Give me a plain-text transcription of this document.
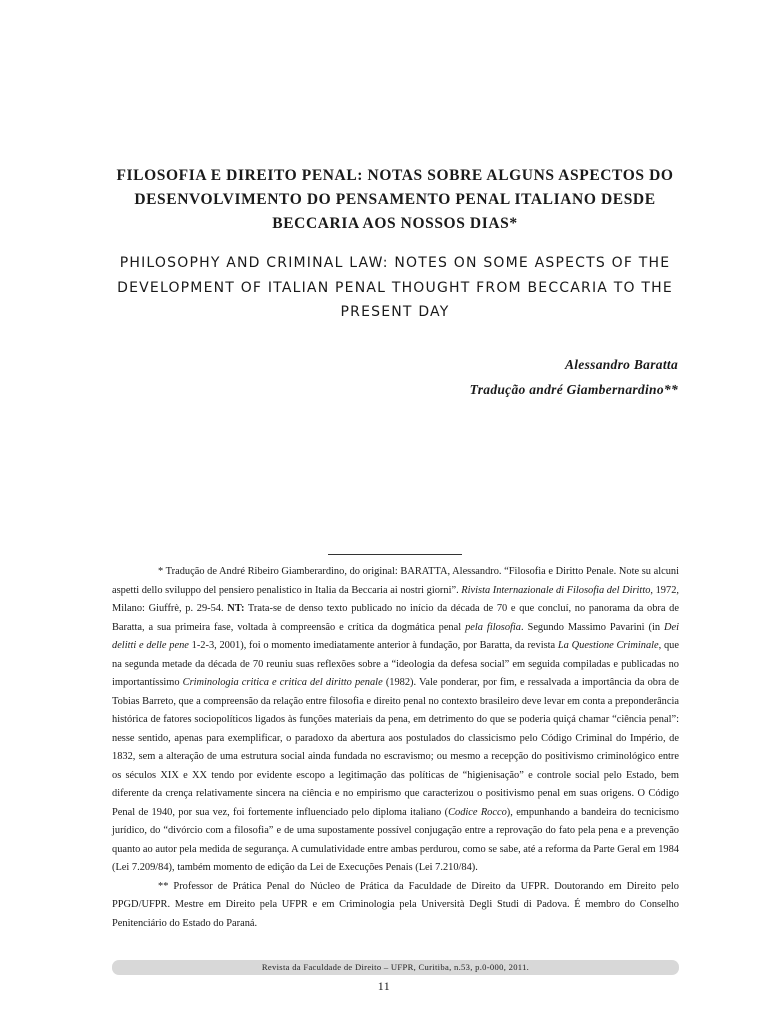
FILOSOFIA E DIREITO PENAL: NOTAS SOBRE ALGUNS ASPECTOS DO DESENVOLVIMENTO DO PENSAMENTO PENAL ITALIANO DESDE BECCARIA AOS NOSSOS DIAS*
PHILOSOPHY AND CRIMINAL LAW: NOTES ON SOME ASPECTS OF THE DEVELOPMENT OF ITALIAN PENAL THOUGHT FROM BECCARIA TO THE PRESENT DAY
Alessandro Baratta
Tradução andré Giambernardino**

* Tradução de André Ribeiro Giamberardino, do original: BARATTA, Alessandro. “Filosofia e Diritto Penale. Note su alcuni aspetti dello sviluppo del pensiero penalistico in Italia da Beccaria ai nostri giorni”. Rivista Internazionale di Filosofia del Diritto, 1972, Milano: Giuffrè, p. 29-54. NT: Trata-se de denso texto publicado no início da década de 70 e que concluí, no panorama da obra de Baratta, a sua primeira fase, voltada à compreensão e crítica da dogmática penal pela filosofia. Segundo Massimo Pavarini (in Dei delitti e delle pene 1-2-3, 2001), foi o momento imediatamente anterior à fundação, por Baratta, da revista La Questione Criminale, que na segunda metade da década de 70 reuniu suas reflexões sobre a “ideologia da defesa social” em seguida compiladas e publicadas no importantíssimo Criminologia critica e critica del diritto penale (1982). Vale ponderar, por fim, e ressalvada a importância da obra de Tobias Barreto, que a compreensão da relação entre filosofia e direito penal no contexto brasileiro deve levar em conta a preponderância histórica de fatores sociopolíticos ligados às funções materiais da pena, em detrimento do que se poderia quiçá chamar “ciência penal”: nesse sentido, apenas para exemplificar, o paradoxo da abertura aos postulados do classicismo pelo Código Criminal do Império, de 1832, sem a alteração de uma estrutura social ainda fundada no escravismo; ou mesmo a recepção do positivismo criminológico entre os séculos XIX e XX tendo por evidente escopo a legitimação das políticas de “higienisação” e controle social pelo Estado, bem diferente da crença relativamente sincera na ciência e no empirismo que caracterizou o positivismo penal em suas origens. O Código Penal de 1940, por sua vez, foi fortemente influenciado pelo diploma italiano (Codice Rocco), empunhando a bandeira do tecnicismo jurídico, do “divórcio com a filosofia” e de uma supostamente possível conjugação entre a reprovação do fato pela pena e a prevenção quanto ao autor pela medida de segurança. A cumulatividade entre ambas perdurou, como se sabe, até a reforma da Parte Geral em 1984 (Lei 7.209/84), também momento de edição da Lei de Execuções Penais (Lei 7.210/84).

** Professor de Prática Penal do Núcleo de Prática da Faculdade de Direito da UFPR. Doutorando em Direito pelo PPGD/UFPR. Mestre em Direito pela UFPR e em Criminologia pela Università Degli Studi di Padova. É membro do Conselho Penitenciário do Estado do Paraná.

Revista da Faculdade de Direito – UFPR, Curitiba, n.53, p.0-000, 2011.
11
